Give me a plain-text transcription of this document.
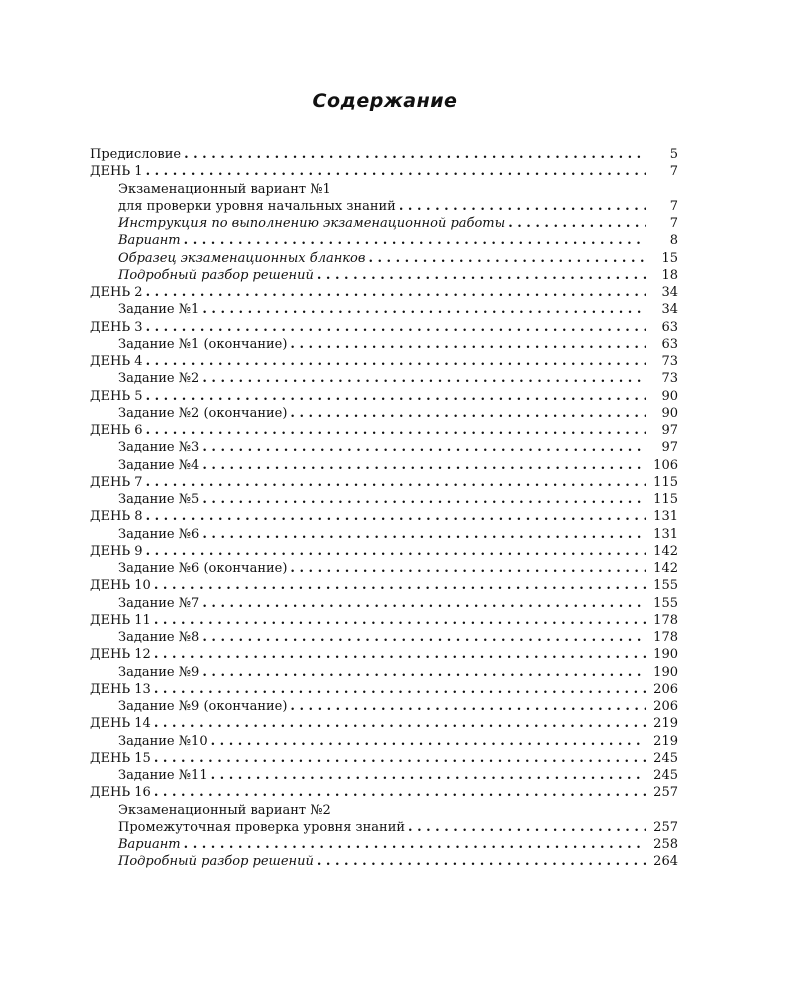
Содержание
Предисловие . . .	5
ДЕНЬ 1 . . .	7
Экзаменационный вариант №1
для проверки уровня начальных знаний . . .	7
Инструкция по выполнению экзаменационной работы . . .	7
Вариант . . .	8
Образец экзаменационных бланков . . .	15
Подробный разбор решений . . .	18
ДЕНЬ 2 . . .	34
Задание №1 . . .	34
ДЕНЬ 3 . . .	63
Задание №1 (окончание) . . .	63
ДЕНЬ 4 . . .	73
Задание №2 . . .	73
ДЕНЬ 5 . . .	90
Задание №2 (окончание) . . .	90
ДЕНЬ 6 . . .	97
Задание №3 . . .	97
Задание №4 . . .	106
ДЕНЬ 7 . . .	115
Задание №5 . . .	115
ДЕНЬ 8 . . .	131
Задание №6 . . .	131
ДЕНЬ 9 . . .	142
Задание №6 (окончание) . . .	142
ДЕНЬ 10 . . .	155
Задание №7 . . .	155
ДЕНЬ 11 . . .	178
Задание №8 . . .	178
ДЕНЬ 12 . . .	190
Задание №9 . . .	190
ДЕНЬ 13 . . .	206
Задание №9 (окончание) . . .	206
ДЕНЬ 14 . . .	219
Задание №10 . . .	219
ДЕНЬ 15 . . .	245
Задание №11 . . .	245
ДЕНЬ 16 . . .	257
Экзаменационный вариант №2
Промежуточная проверка уровня знаний . . .	257
Вариант . . .	258
Подробный разбор решений . . .	264
